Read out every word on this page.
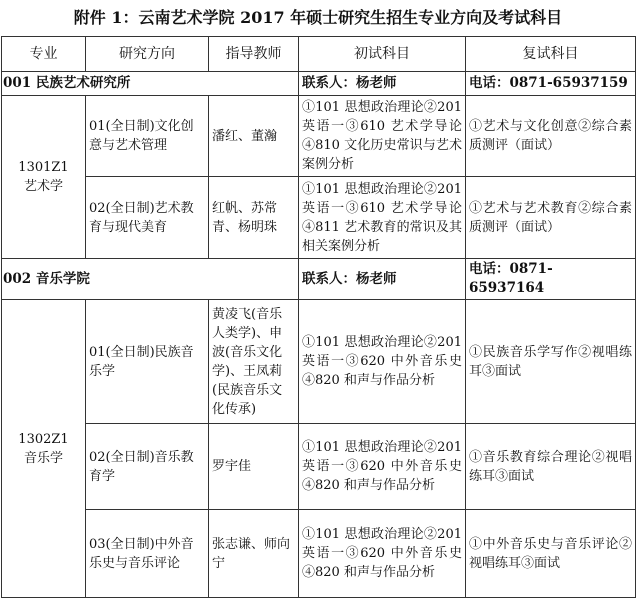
附件 1：云南艺术学院 2017 年硕士研究生招生专业方向及考试科目
专业	研究方向	指导教师	初试科目	复试科目
001 民族艺术研究所			联系人：杨老师	电话：0871-65937159

1301Z1
艺术学	01(全日制)文化创意与艺术管理	潘红、董瀚	①101 思想政治理论②201 英语一③610 艺术学导论④810 文化历史常识与艺术案例分析	①艺术与文化创意②综合素质测评（面试）
	02(全日制)艺术教育与现代美育	红帆、苏常青、杨明珠	①101 思想政治理论②201 英语一③610 艺术学导论④811 艺术教育的常识及其相关案例分析	①艺术与艺术教育②综合素质测评（面试）
002 音乐学院			联系人：杨老师	电话：0871- 65937164

1302Z1
音乐学	01(全日制)民族音乐学	黄凌飞(音乐人类学)、申波(音乐文化学)、王凤莉(民族音乐文化传承)	①101 思想政治理论②201 英语一③620 中外音乐史④820 和声与作品分析	①民族音乐学写作②视唱练耳③面试
	02(全日制)音乐教育学	罗宇佳	①101 思想政治理论②201 英语一③620 中外音乐史④820 和声与作品分析	①音乐教育综合理论②视唱练耳③面试
	03(全日制)中外音乐史与音乐评论	张志谦、师向宁	①101 思想政治理论②201 英语一③620 中外音乐史④820 和声与作品分析	①中外音乐史与音乐评论②视唱练耳③面试
